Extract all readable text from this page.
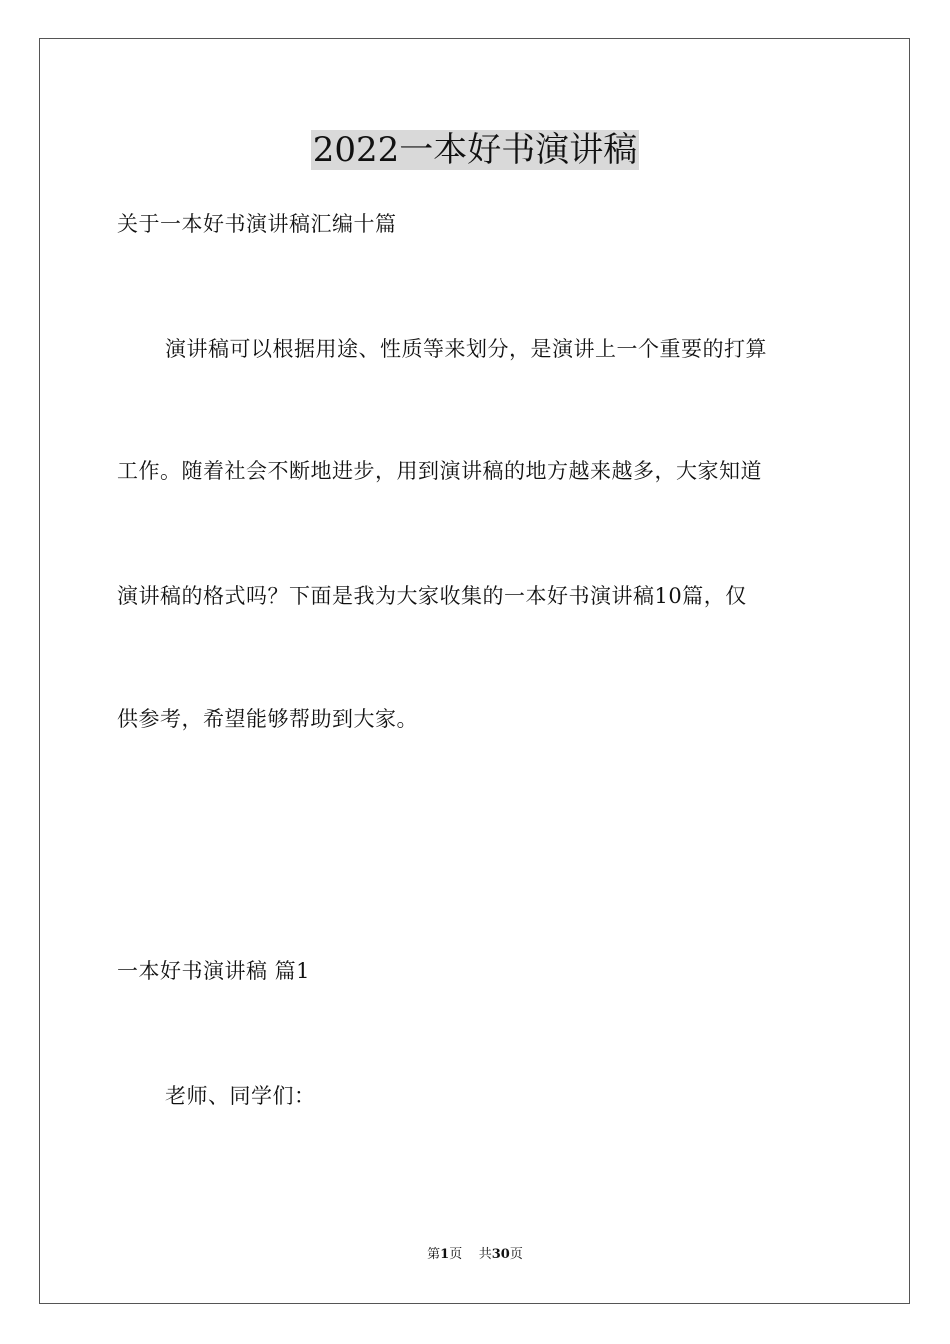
2022一本好书演讲稿
关于一本好书演讲稿汇编十篇
演讲稿可以根据用途、性质等来划分，是演讲上一个重要的打算
工作。随着社会不断地进步，用到演讲稿的地方越来越多，大家知道
演讲稿的格式吗？下面是我为大家收集的一本好书演讲稿10篇，仅
供参考，希望能够帮助到大家。
一本好书演讲稿 篇1
老师、同学们：
第1页 共30页
